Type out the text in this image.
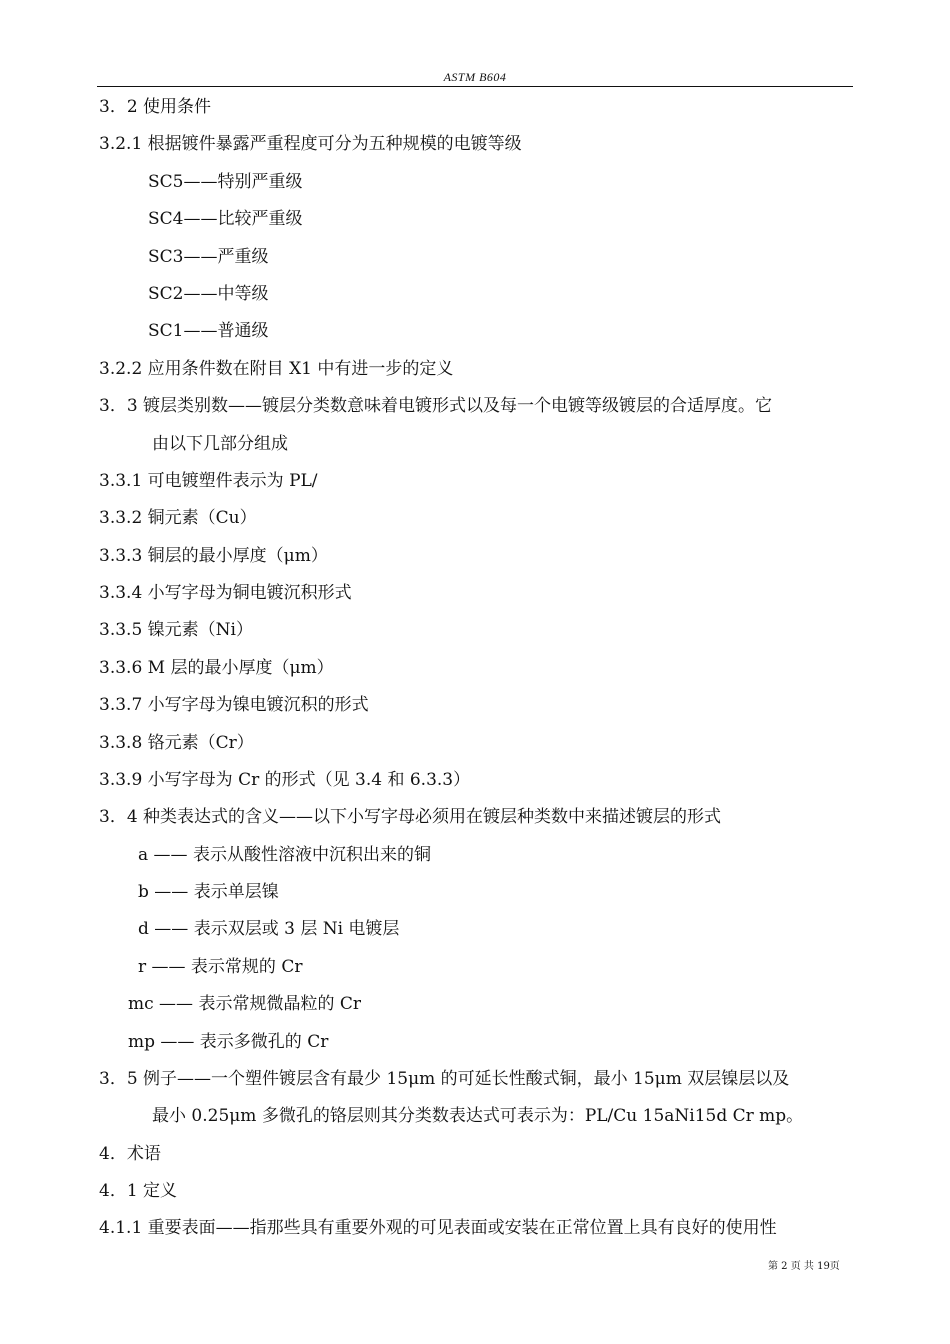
ASTM B604
3．2 使用条件
3.2.1 根据镀件暴露严重程度可分为五种规模的电镀等级
SC5——特别严重级
SC4——比较严重级
SC3——严重级
SC2——中等级
SC1——普通级
3.2.2 应用条件数在附目 X1 中有进一步的定义
3．3 镀层类别数——镀层分类数意味着电镀形式以及每一个电镀等级镀层的合适厚度。它
由以下几部分组成
3.3.1 可电镀塑件表示为 PL/
3.3.2 铜元素（Cu）
3.3.3 铜层的最小厚度（μm）
3.3.4 小写字母为铜电镀沉积形式
3.3.5 镍元素（Ni）
3.3.6 M 层的最小厚度（μm）
3.3.7 小写字母为镍电镀沉积的形式
3.3.8 铬元素（Cr）
3.3.9 小写字母为 Cr 的形式（见 3.4 和 6.3.3）
3．4 种类表达式的含义——以下小写字母必须用在镀层种类数中来描述镀层的形式
a —— 表示从酸性溶液中沉积出来的铜
b —— 表示单层镍
d —— 表示双层或 3 层 Ni 电镀层
r —— 表示常规的 Cr
mc —— 表示常规微晶粒的 Cr
mp —— 表示多微孔的 Cr
3．5 例子——一个塑件镀层含有最少 15μm 的可延长性酸式铜，最小 15μm 双层镍层以及
最小 0.25μm 多微孔的铬层则其分类数表达式可表示为：PL/Cu 15aNi15d Cr mp。
4．术语
4．1 定义
4.1.1 重要表面——指那些具有重要外观的可见表面或安装在正常位置上具有良好的使用性
第 2 页 共 19页
